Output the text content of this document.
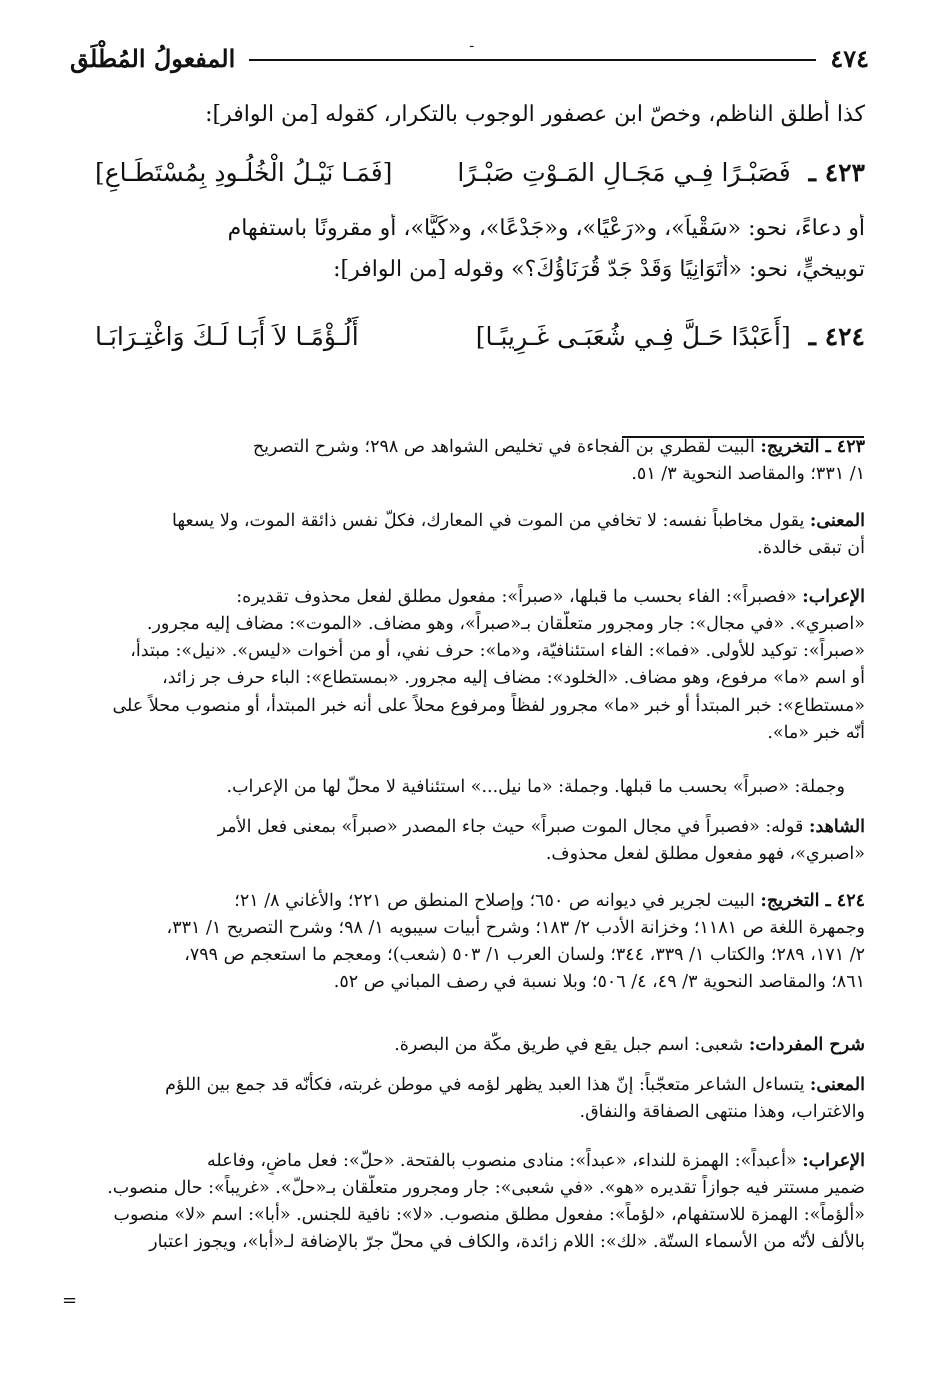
ـ
٤٧٤
المفعولُ المُطْلَق

كذا أطلق الناظم، وخصّ ابن عصفور الوجوب بالتكرار، كقوله [من الوافر]:

٤٢٣ ـ فَصَبْـرًا فِـي مَجَـالِ المَـوْتِ صَبْـرًا
[فَمَـا نَيْـلُ الْخُلُـودِ بِمُسْتَطَـاعِ]

أو دعاءً، نحو: «سَقْياً»، و«رَعْيًا»، و«جَدْعًا»، و«كَيًّا»، أو مقرونًا باستفهام

توبيخيٍّ، نحو: «أَتَوَانِيًا وَقَدْ جَدّ قُرَنَاؤُكَ؟» وقوله [من الوافر]:

٤٢٤ ـ [أَعَبْدًا حَـلَّ فِـي شُعَبَـى غَـرِيبًـا]
أَلُـؤْمًـا لاَ أَبَـا لَـكَ وَاغْتِـرَابَـا

٤٢٣ ـ التخريج: البيت لقطري بن الفجاءة في تخليص الشواهد ص ٢٩٨؛ وشرح التصريح

١/ ٣٣١؛ والمقاصد النحوية ٣/ ٥١.

المعنى: يقول مخاطباً نفسه: لا تخافي من الموت في المعارك، فكلّ نفس ذائقة الموت، ولا يسعها

أن تبقى خالدة.

الإعراب: «فصبراً»: الفاء بحسب ما قبلها، «صبراً»: مفعول مطلق لفعل محذوف تقديره:

«اصبري». «في مجال»: جار ومجرور متعلّقان بـ«صبراً»، وهو مضاف. «الموت»: مضاف إليه مجرور.

«صبراً»: توكيد للأولى. «فما»: الفاء استئنافيّة، و«ما»: حرف نفي، أو من أخوات «ليس». «نيل»: مبتدأ،

أو اسم «ما» مرفوع، وهو مضاف. «الخلود»: مضاف إليه مجرور. «بمستطاع»: الباء حرف جر زائد،

«مستطاع»: خبر المبتدأ أو خبر «ما» مجرور لفظاً ومرفوع محلاً على أنه خبر المبتدأ، أو منصوب محلاً على

أنّه خبر «ما».

وجملة: «صبراً» بحسب ما قبلها. وجملة: «ما نيل...» استئنافية لا محلّ لها من الإعراب.

الشاهد: قوله: «فصبراً في مجال الموت صبراً» حيث جاء المصدر «صبراً» بمعنى فعل الأمر

«اصبري»، فهو مفعول مطلق لفعل محذوف.

٤٢٤ ـ التخريج: البيت لجرير في ديوانه ص ٦٥٠؛ وإصلاح المنطق ص ٢٢١؛ والأغاني ٨/ ٢١؛

وجمهرة اللغة ص ١١٨١؛ وخزانة الأدب ٢/ ١٨٣؛ وشرح أبيات سيبويه ١/ ٩٨؛ وشرح التصريح ١/ ٣٣١،

٢/ ١٧١، ٢٨٩؛ والكتاب ١/ ٣٣٩، ٣٤٤؛ ولسان العرب ١/ ٥٠٣ (شعب)؛ ومعجم ما استعجم ص ٧٩٩،

٨٦١؛ والمقاصد النحوية ٣/ ٤٩، ٤/ ٥٠٦؛ وبلا نسبة في رصف المباني ص ٥٢.

شرح المفردات: شعبى: اسم جبل يقع في طريق مكّة من البصرة.

المعنى: يتساءل الشاعر متعجّباً: إنّ هذا العبد يظهر لؤمه في موطن غربته، فكأنّه قد جمع بين اللؤم

والاغتراب، وهذا منتهى الصفاقة والنفاق.

الإعراب: «أعبداً»: الهمزة للنداء، «عبداً»: منادى منصوب بالفتحة. «حلّ»: فعل ماضٍ، وفاعله

ضمير مستتر فيه جوازاً تقديره «هو». «في شعبى»: جار ومجرور متعلّقان بـ«حلّ». «غريباً»: حال منصوب.

«ألؤماً»: الهمزة للاستفهام، «لؤماً»: مفعول مطلق منصوب. «لا»: نافية للجنس. «أبا»: اسم «لا» منصوب

بالألف لأنّه من الأسماء الستّة. «لك»: اللام زائدة، والكاف في محلّ جرّ بالإضافة لـ«أبا»، ويجوز اعتبار

=
